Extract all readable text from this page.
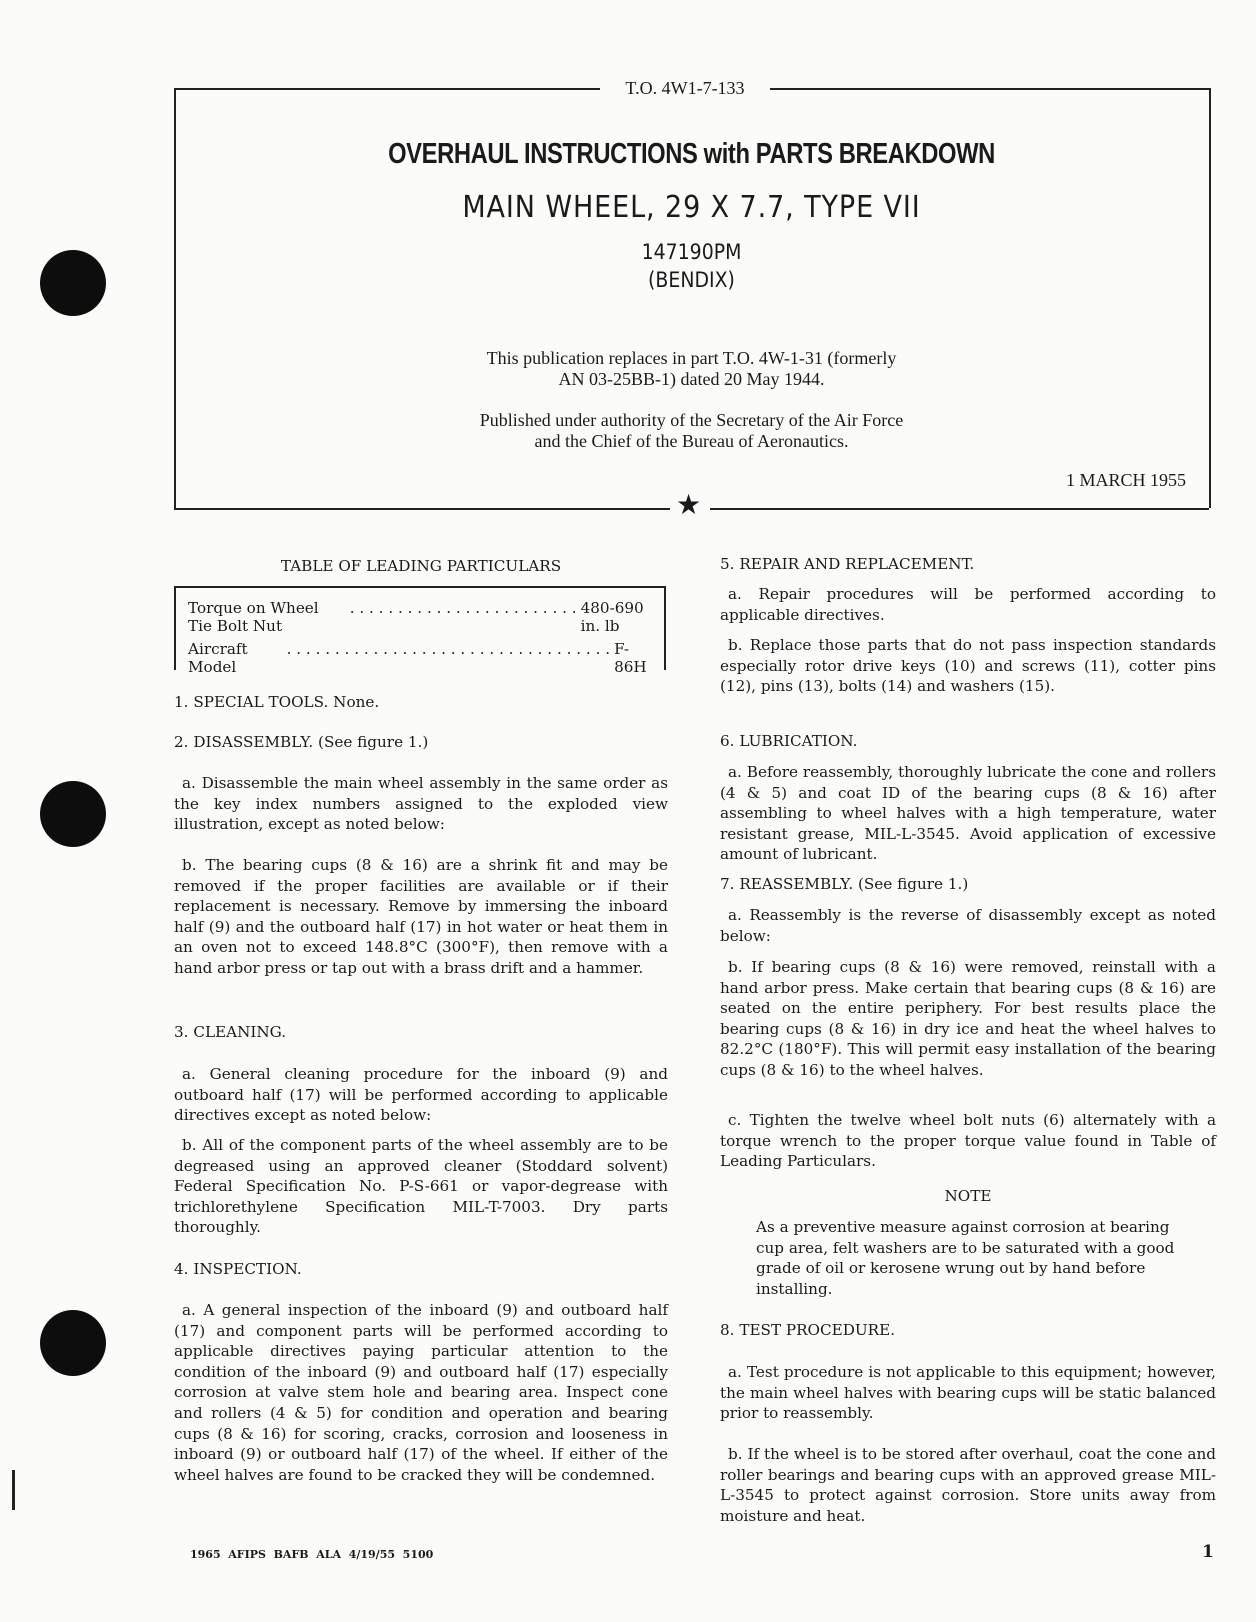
T.O. 4W1-7-133
OVERHAUL INSTRUCTIONS with PARTS BREAKDOWN
MAIN WHEEL, 29 X 7.7, TYPE VII
147190PM
(BENDIX)
This publication replaces in part T.O. 4W-1-31 (formerly
AN 03-25BB-1) dated 20 May 1944.
Published under authority of the Secretary of the Air Force
and the Chief of the Bureau of Aeronautics.
1 MARCH 1955
★
TABLE OF LEADING PARTICULARS
Torque on Wheel Tie Bolt Nut
. . . . . . . . . . . . . . . . . . . . . . . . 480-690 in. lb
Aircraft Model
. . . . . . . . . . . . . . . . . . . . . . . . . . . . . . . . . . F-86H
1. SPECIAL TOOLS. None.
2. DISASSEMBLY. (See figure 1.)
a. Disassemble the main wheel assembly in the same order as the key index numbers assigned to the exploded view illustration, except as noted below:
b. The bearing cups (8 & 16) are a shrink fit and may be removed if the proper facilities are available or if their replacement is necessary. Remove by immersing the inboard half (9) and the outboard half (17) in hot water or heat them in an oven not to exceed 148.8°C (300°F), then remove with a hand arbor press or tap out with a brass drift and a hammer.
3. CLEANING.
a. General cleaning procedure for the inboard (9) and outboard half (17) will be performed according to applicable directives except as noted below:
b. All of the component parts of the wheel assembly are to be degreased using an approved cleaner (Stoddard solvent) Federal Specification No. P-S-661 or vapor-degrease with trichlorethylene Specification MIL-T-7003. Dry parts thoroughly.
4. INSPECTION.
a. A general inspection of the inboard (9) and outboard half (17) and component parts will be performed according to applicable directives paying particular attention to the condition of the inboard (9) and outboard half (17) especially corrosion at valve stem hole and bearing area. Inspect cone and rollers (4 & 5) for condition and operation and bearing cups (8 & 16) for scoring, cracks, corrosion and looseness in inboard (9) or outboard half (17) of the wheel. If either of the wheel halves are found to be cracked they will be condemned.
5. REPAIR AND REPLACEMENT.
a. Repair procedures will be performed according to applicable directives.
b. Replace those parts that do not pass inspection standards especially rotor drive keys (10) and screws (11), cotter pins (12), pins (13), bolts (14) and washers (15).
6. LUBRICATION.
a. Before reassembly, thoroughly lubricate the cone and rollers (4 & 5) and coat ID of the bearing cups (8 & 16) after assembling to wheel halves with a high temperature, water resistant grease, MIL-L-3545. Avoid application of excessive amount of lubricant.
7. REASSEMBLY. (See figure 1.)
a. Reassembly is the reverse of disassembly except as noted below:
b. If bearing cups (8 & 16) were removed, reinstall with a hand arbor press. Make certain that bearing cups (8 & 16) are seated on the entire periphery. For best results place the bearing cups (8 & 16) in dry ice and heat the wheel halves to 82.2°C (180°F). This will permit easy installation of the bearing cups (8 & 16) to the wheel halves.
c. Tighten the twelve wheel bolt nuts (6) alternately with a torque wrench to the proper torque value found in Table of Leading Particulars.
NOTE
As a preventive measure against corrosion at bearing cup area, felt washers are to be saturated with a good grade of oil or kerosene wrung out by hand before installing.
8. TEST PROCEDURE.
a. Test procedure is not applicable to this equipment; however, the main wheel halves with bearing cups will be static balanced prior to reassembly.
b. If the wheel is to be stored after overhaul, coat the cone and roller bearings and bearing cups with an approved grease MIL-L-3545 to protect against corrosion. Store units away from moisture and heat.
1965  AFIPS  BAFB  ALA  4/19/55  5100	1
